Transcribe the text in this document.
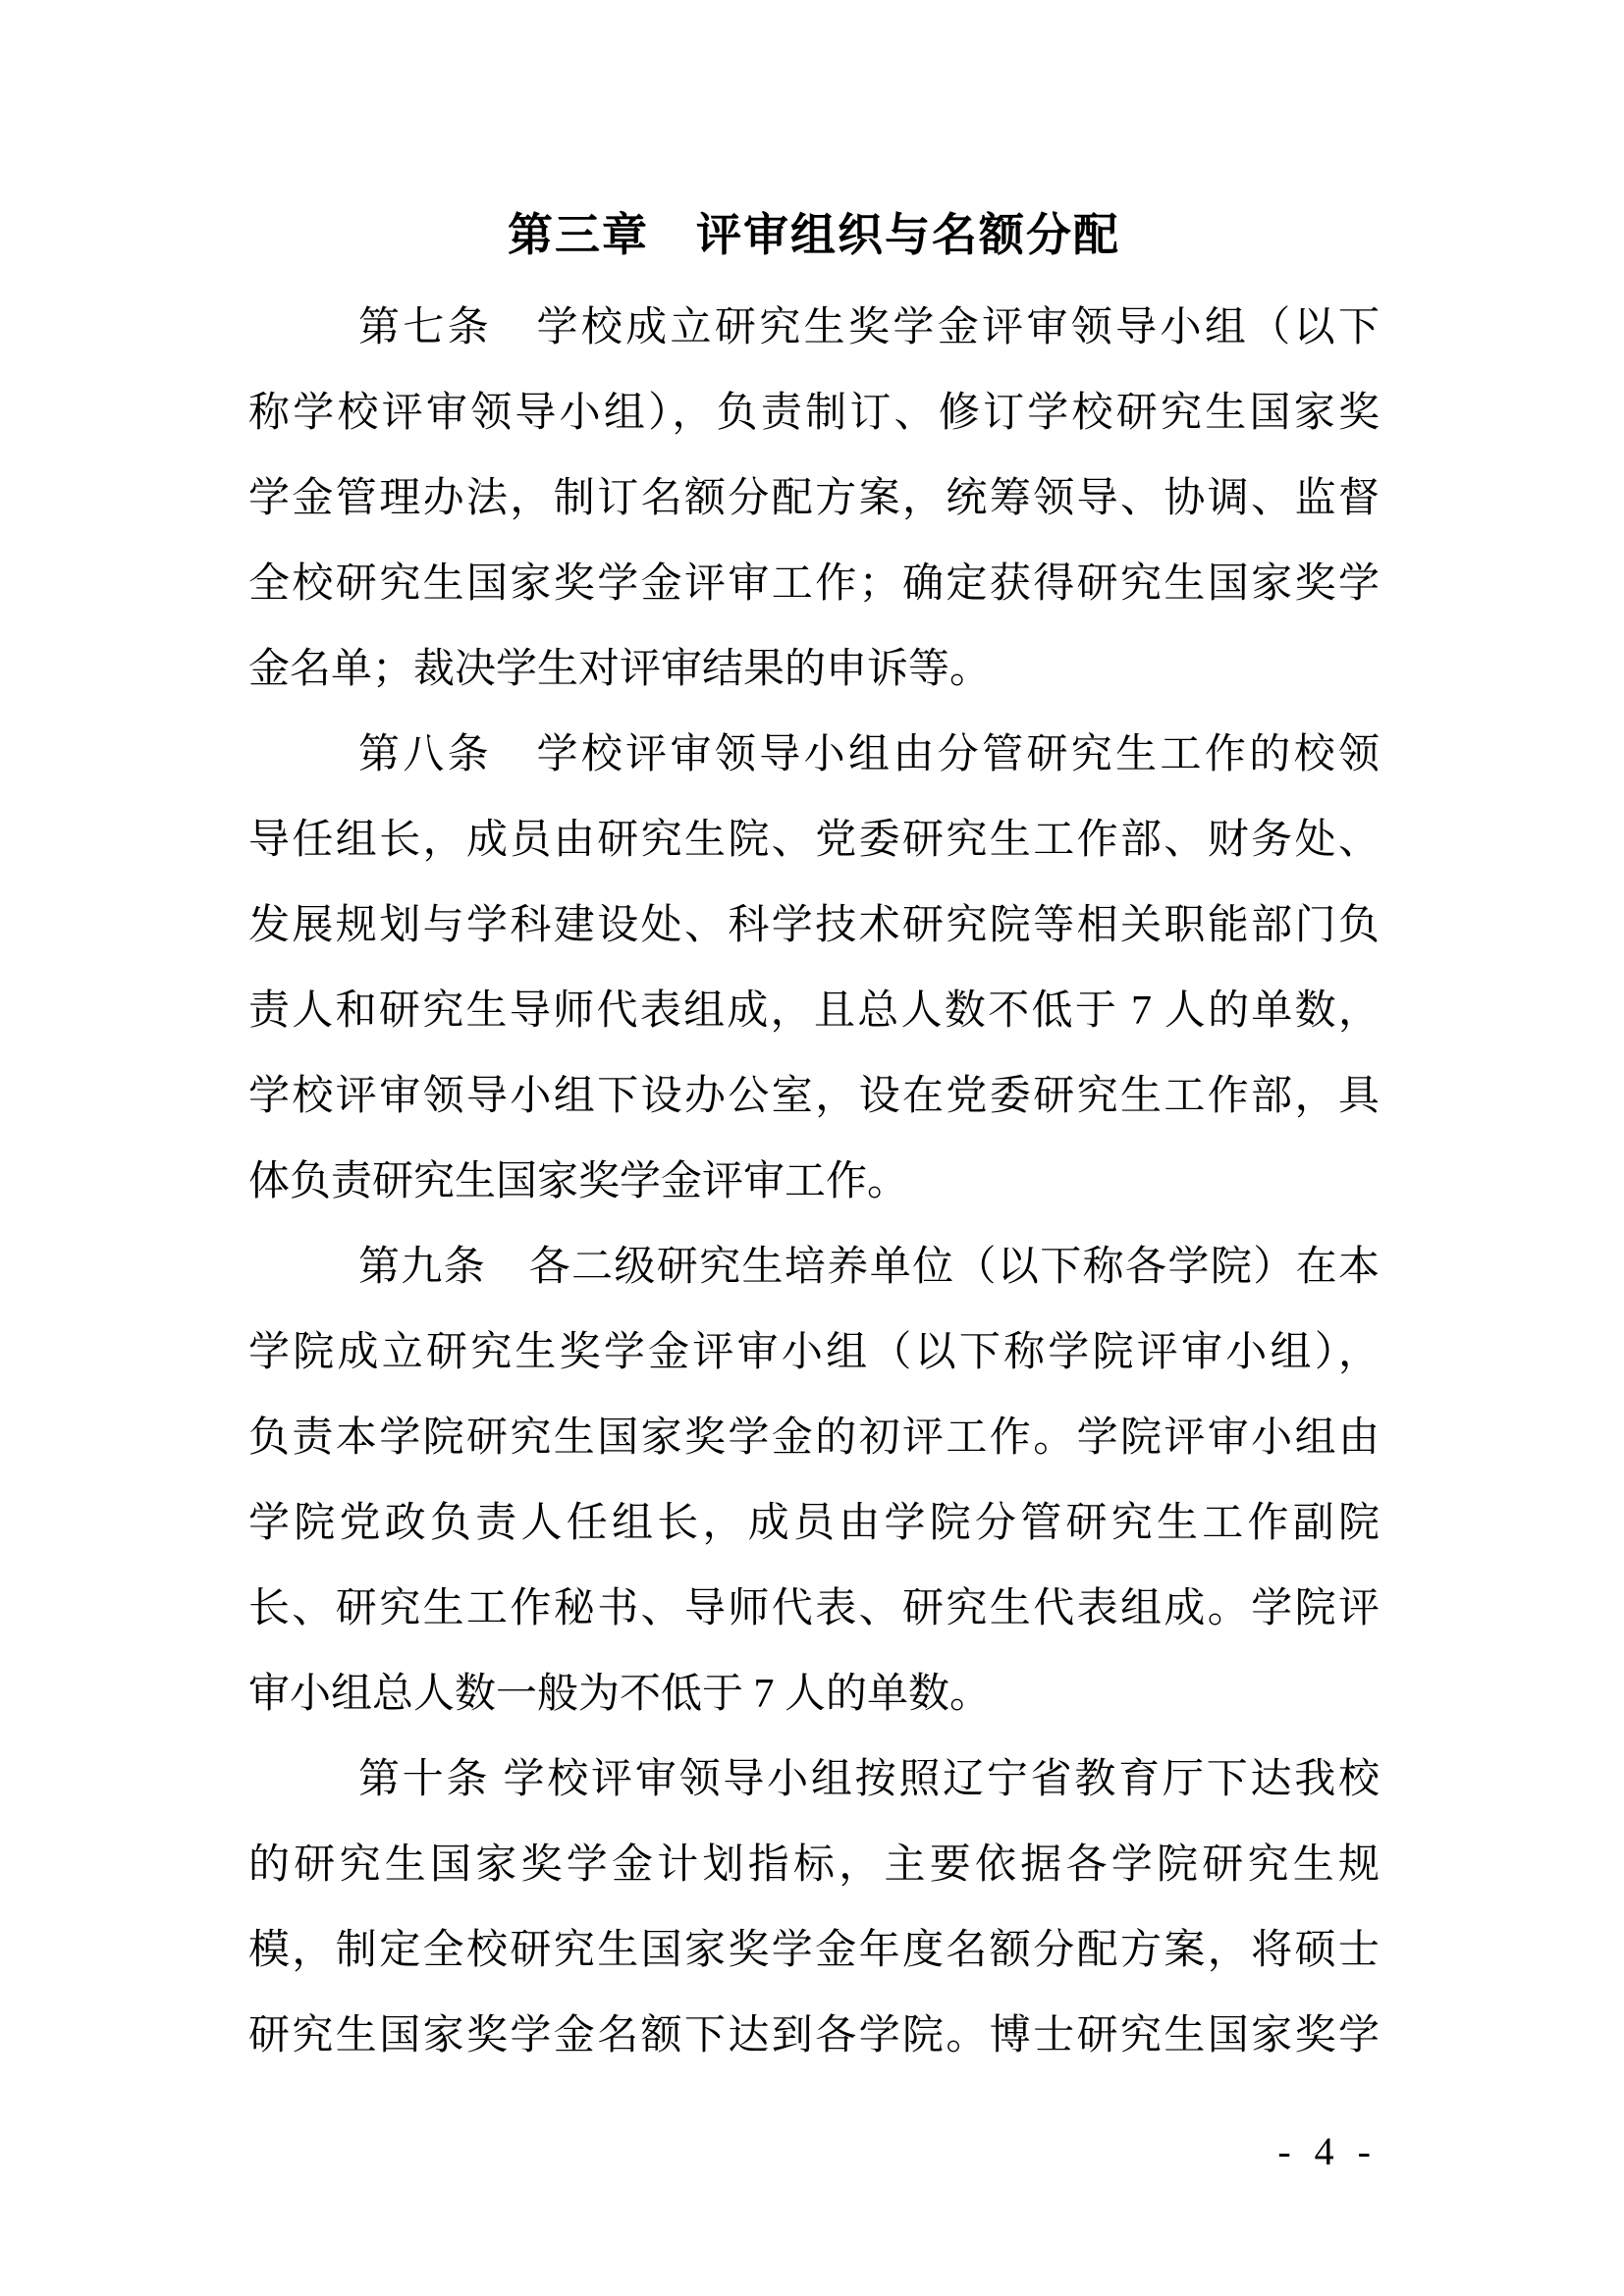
第三章　评审组织与名额分配
第七条　学校成立研究生奖学金评审领导小组（以下
称学校评审领导小组），负责制订、修订学校研究生国家奖
学金管理办法，制订名额分配方案，统筹领导、协调、监督
全校研究生国家奖学金评审工作；确定获得研究生国家奖学
金名单；裁决学生对评审结果的申诉等。
第八条　学校评审领导小组由分管研究生工作的校领
导任组长，成员由研究生院、党委研究生工作部、财务处、
发展规划与学科建设处、科学技术研究院等相关职能部门负
责人和研究生导师代表组成，且总人数不低于 7 人的单数，
学校评审领导小组下设办公室，设在党委研究生工作部，具
体负责研究生国家奖学金评审工作。
第九条　各二级研究生培养单位（以下称各学院）在本
学院成立研究生奖学金评审小组（以下称学院评审小组），
负责本学院研究生国家奖学金的初评工作。学院评审小组由
学院党政负责人任组长，成员由学院分管研究生工作副院
长、研究生工作秘书、导师代表、研究生代表组成。学院评
审小组总人数一般为不低于 7 人的单数。
第十条 学校评审领导小组按照辽宁省教育厅下达我校
的研究生国家奖学金计划指标，主要依据各学院研究生规
模，制定全校研究生国家奖学金年度名额分配方案，将硕士
研究生国家奖学金名额下达到各学院。博士研究生国家奖学
- 4 -
